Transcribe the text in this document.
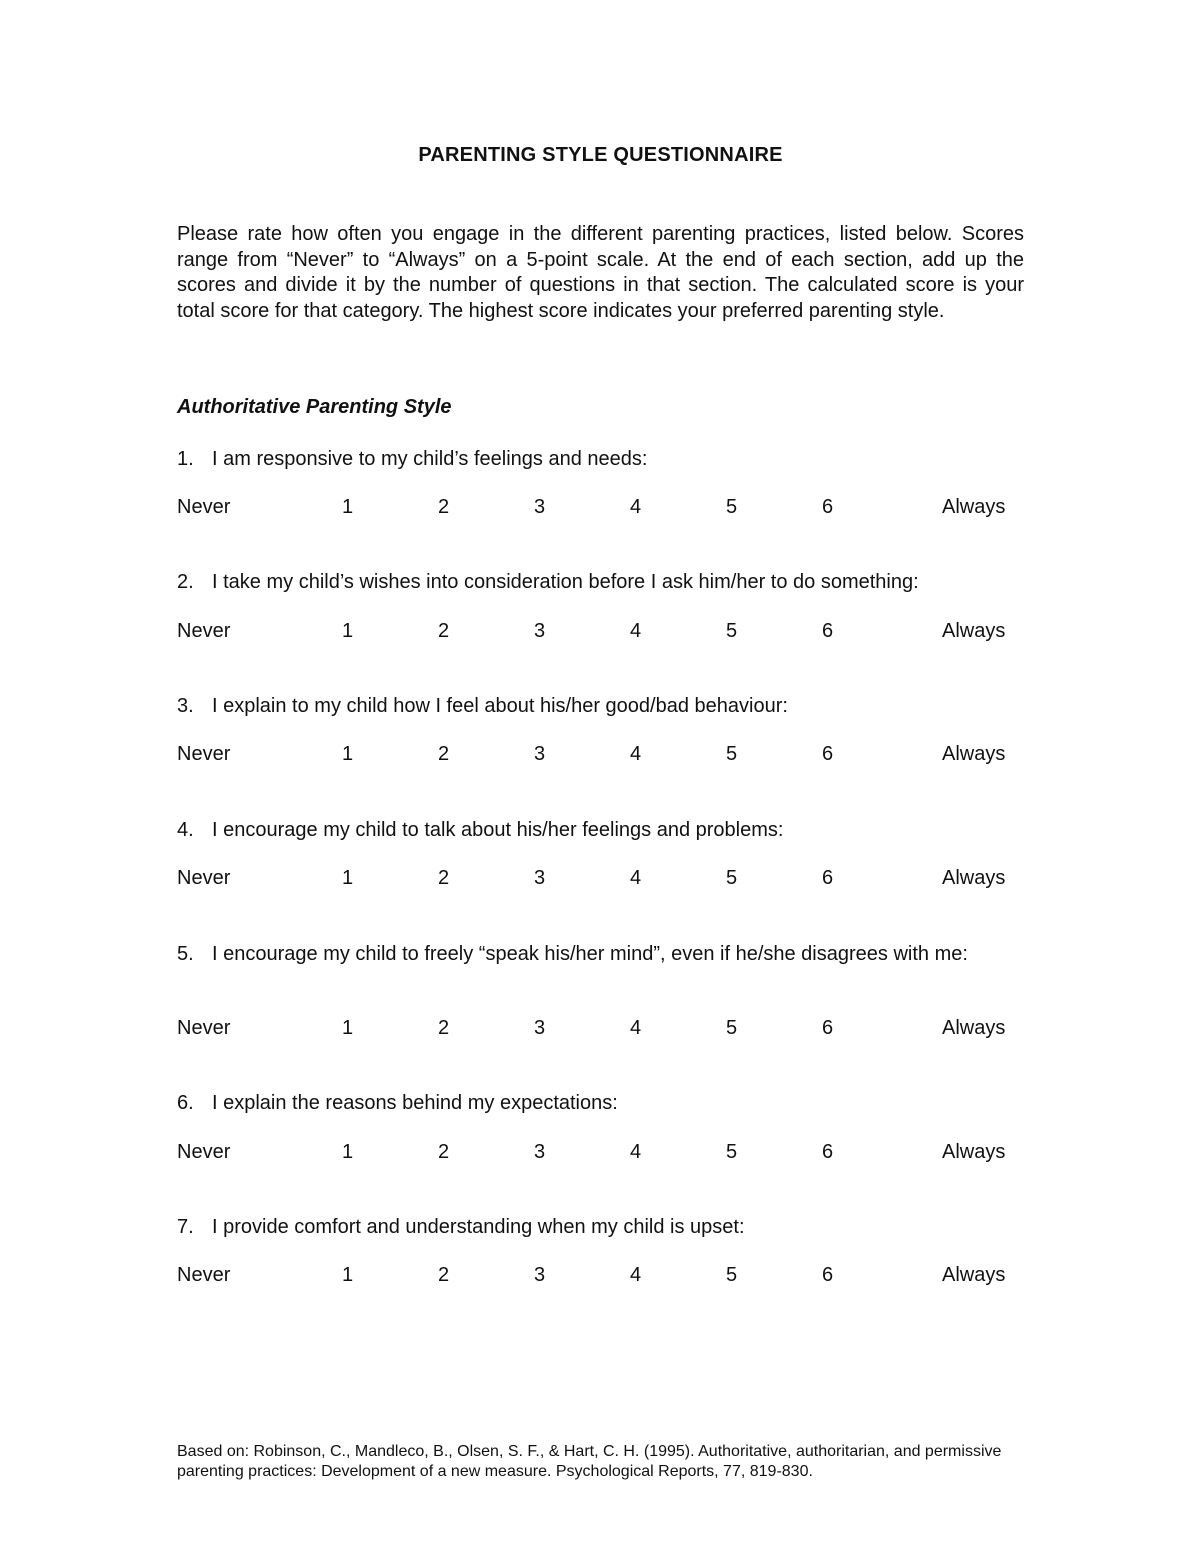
PARENTING STYLE QUESTIONNAIRE
Please rate how often you engage in the different parenting practices, listed below. Scores range from “Never” to “Always” on a 5-point scale. At the end of each section, add up the scores and divide it by the number of questions in that section. The calculated score is your total score for that category. The highest score indicates your preferred parenting style.
Authoritative Parenting Style
1. I am responsive to my child’s feelings and needs:
Never	1	2	3	4	5	6	Always
2. I take my child’s wishes into consideration before I ask him/her to do something:
Never	1	2	3	4	5	6	Always
3. I explain to my child how I feel about his/her good/bad behaviour:
Never	1	2	3	4	5	6	Always
4. I encourage my child to talk about his/her feelings and problems:
Never	1	2	3	4	5	6	Always
5. I encourage my child to freely “speak his/her mind”, even if he/she disagrees with me:
Never	1	2	3	4	5	6	Always
6. I explain the reasons behind my expectations:
Never	1	2	3	4	5	6	Always
7. I provide comfort and understanding when my child is upset:
Never	1	2	3	4	5	6	Always
Based on: Robinson, C., Mandleco, B., Olsen, S. F., & Hart, C. H. (1995). Authoritative, authoritarian, and permissive parenting practices: Development of a new measure. Psychological Reports, 77, 819-830.
